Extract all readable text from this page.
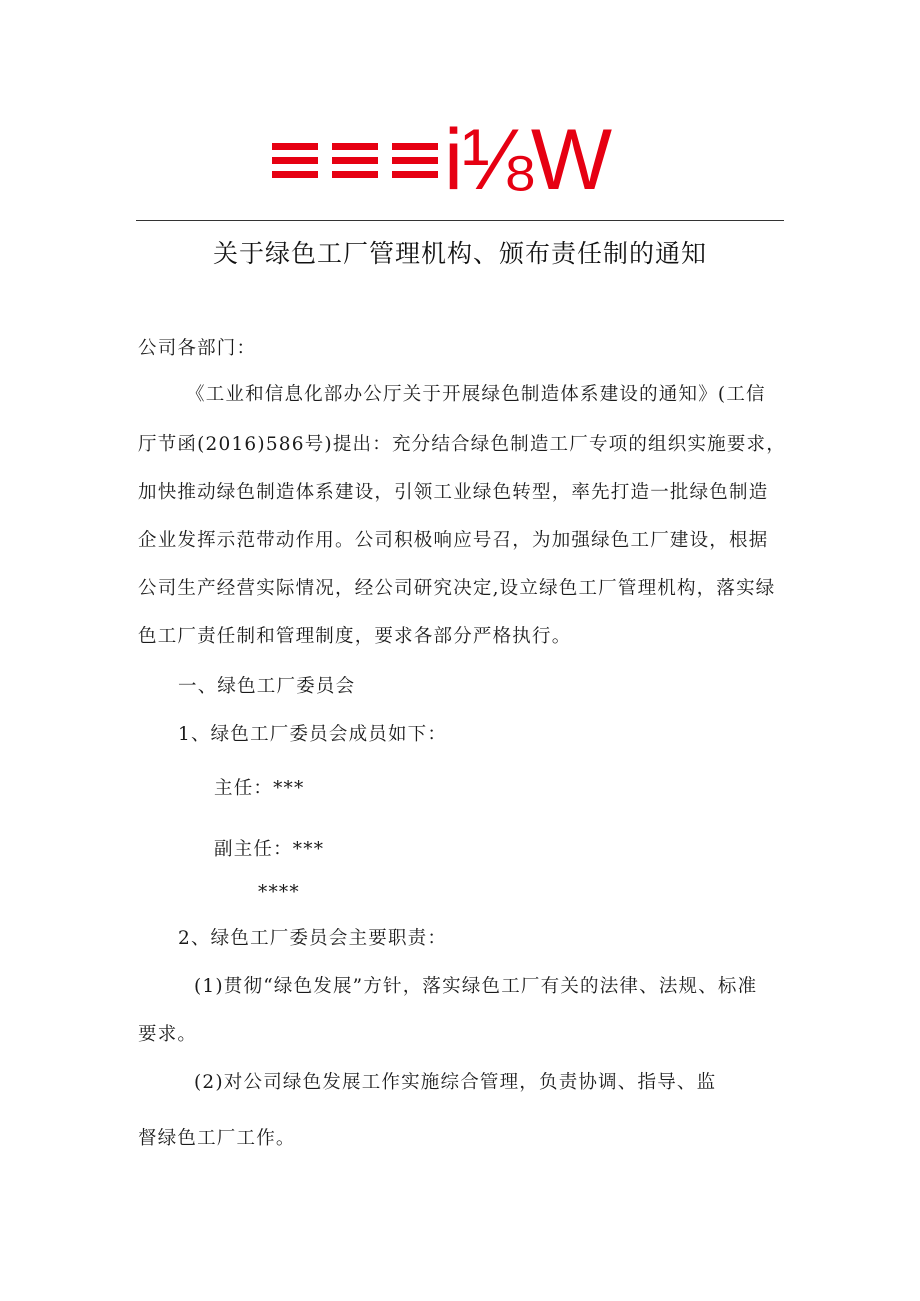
i⅛W
关于绿色工厂管理机构、颁布责任制的通知
公司各部门：
《工业和信息化部办公厅关于开展绿色制造体系建设的通知》(工信
厅节函(2016)586号)提出：充分结合绿色制造工厂专项的组织实施要求，
加快推动绿色制造体系建设，引领工业绿色转型，率先打造一批绿色制造
企业发挥示范带动作用。公司积极响应号召，为加强绿色工厂建设，根据
公司生产经营实际情况，经公司研究决定,设立绿色工厂管理机构，落实绿
色工厂责任制和管理制度，要求各部分严格执行。
一、绿色工厂委员会
1、绿色工厂委员会成员如下：
主任：***
副主任：***
****
2、绿色工厂委员会主要职责：
(1)贯彻“绿色发展”方针，落实绿色工厂有关的法律、法规、标准
要求。
(2)对公司绿色发展工作实施综合管理，负责协调、指导、监
督绿色工厂工作。
